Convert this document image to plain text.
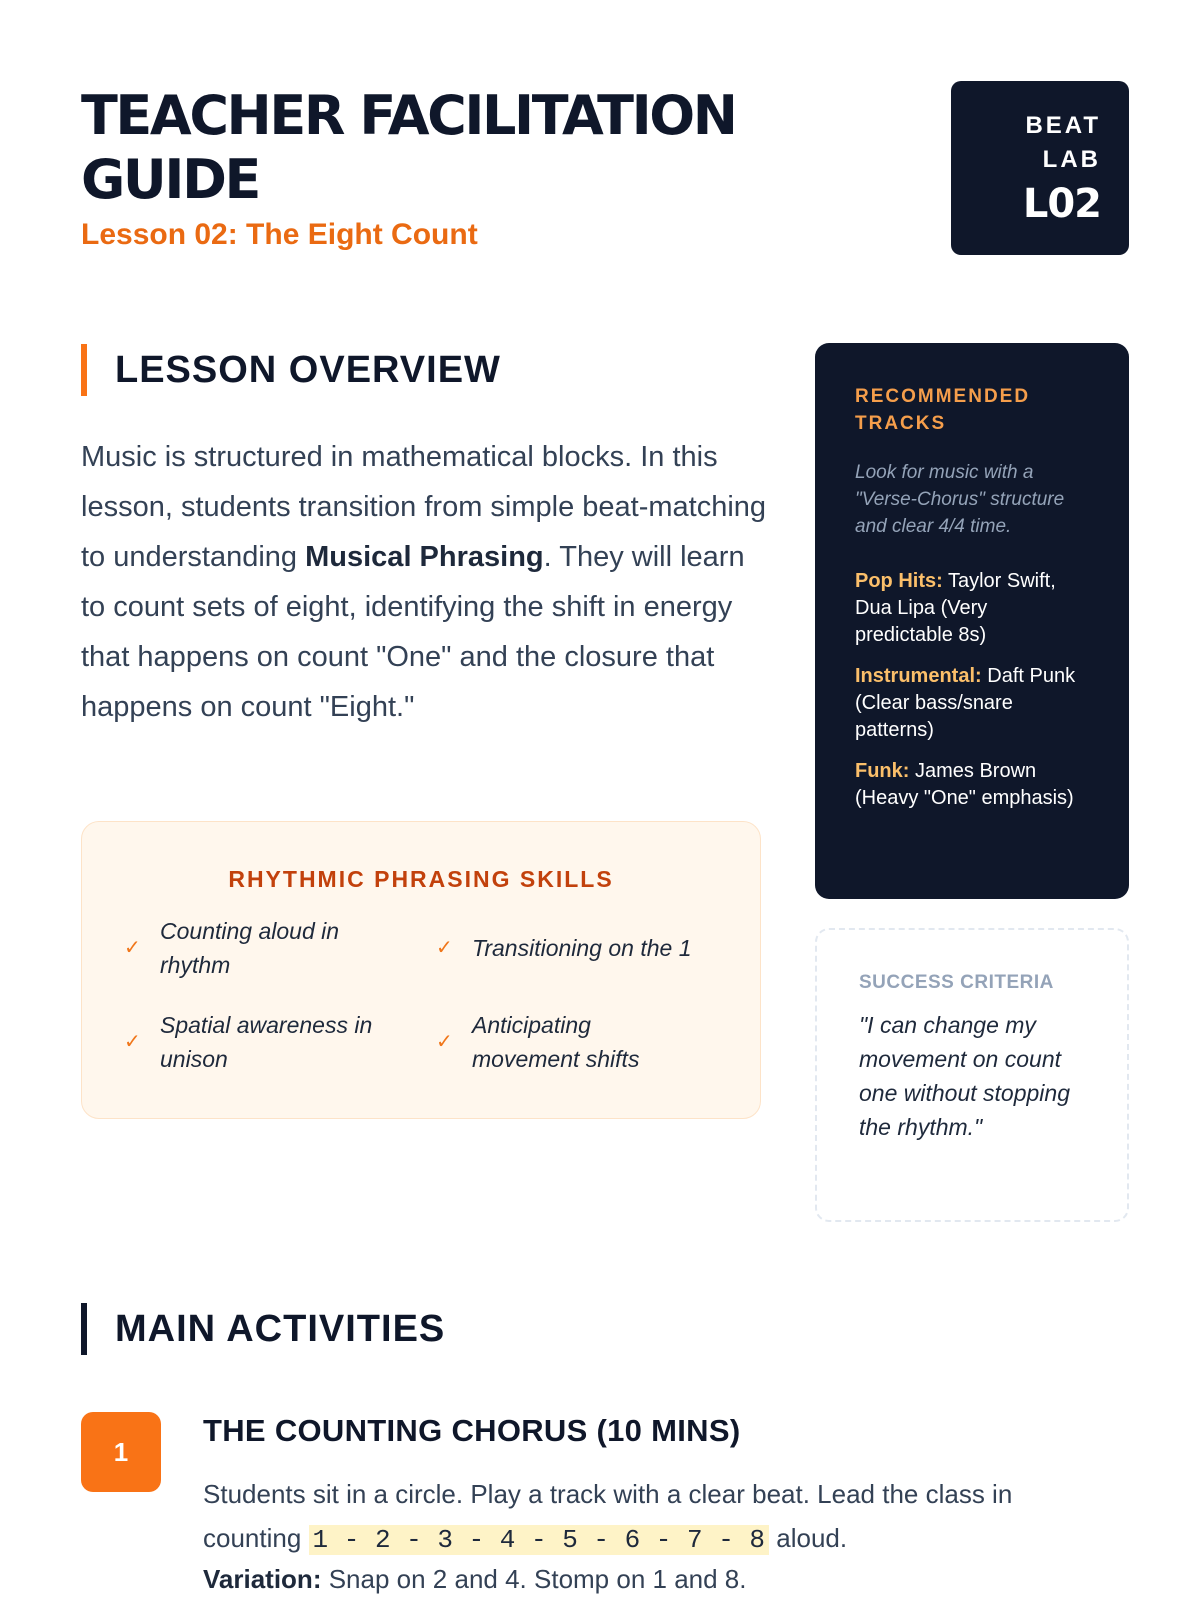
TEACHER FACILITATION GUIDE
Lesson 02: The Eight Count
BEAT
LAB
L02
LESSON OVERVIEW

Music is structured in mathematical blocks. In this lesson, students transition from simple beat-matching to understanding Musical Phrasing. They will learn to count sets of eight, identifying the shift in energy that happens on count "One" and the closure that happens on count "Eight."

RHYTHMIC PHRASING SKILLS
✓
Counting aloud in rhythm
✓ Transitioning on the 1
✓
Spatial awareness in unison
✓
Anticipating movement shifts
RECOMMENDED TRACKS
Look for music with a "Verse-Chorus" structure and clear 4/4 time.
Pop Hits: Taylor Swift, Dua Lipa (Very predictable 8s)
Instrumental: Daft Punk (Clear bass/snare patterns)
Funk: James Brown (Heavy "One" emphasis)
SUCCESS CRITERIA
"I can change my movement on count one without stopping the rhythm."
MAIN ACTIVITIES
1
THE COUNTING CHORUS (10 MINS)
Students sit in a circle. Play a track with a clear beat. Lead the class in counting 1 - 2 - 3 - 4 - 5 - 6 - 7 - 8 aloud.
Variation: Snap on 2 and 4. Stomp on 1 and 8.
